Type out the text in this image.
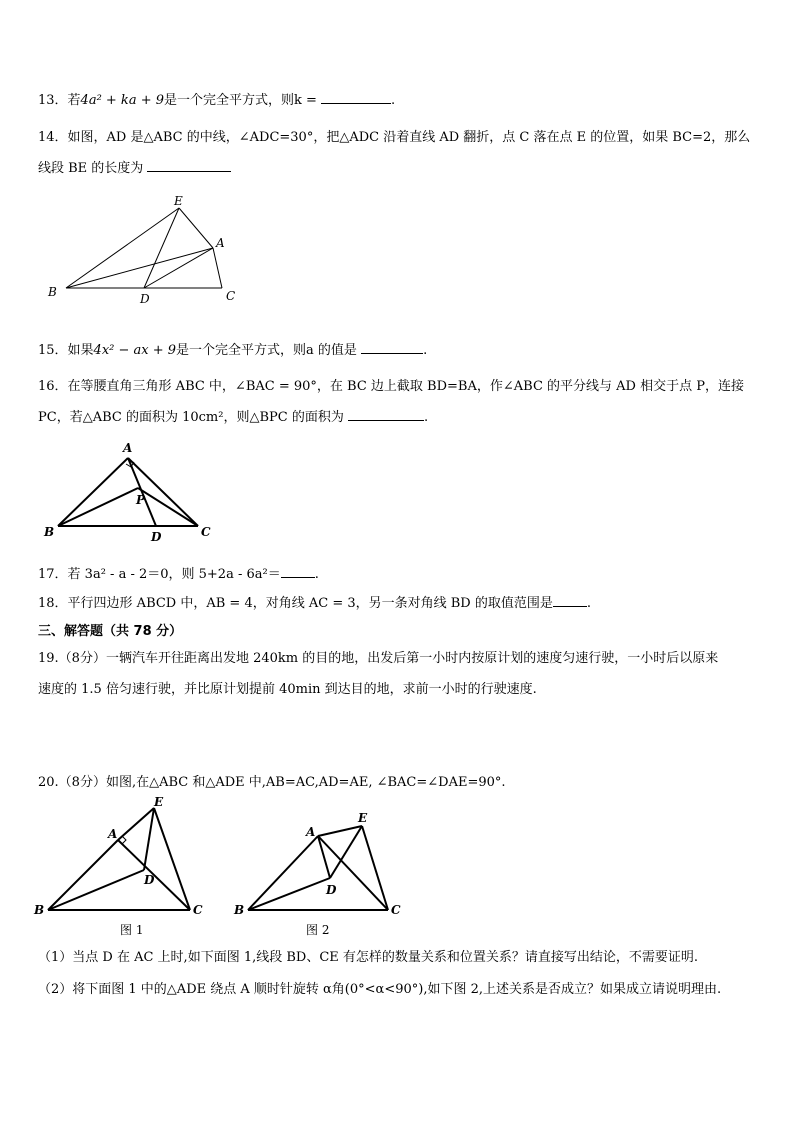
13．若4a² + ka + 9是一个完全平方式，则k =	.
14．如图，AD 是△ABC 的中线，∠ADC=30°，把△ADC 沿着直线 AD 翻折，点 C 落在点 E 的位置，如果 BC=2，那么
线段 BE 的长度为
E
A
B	D	C
15．如果4x² − ax + 9是一个完全平方式，则a 的值是	.
16．在等腰直角三角形 ABC 中，∠BAC = 90°，在 BC 边上截取 BD=BA，作∠ABC 的平分线与 AD 相交于点 P，连接
PC，若△ABC 的面积为 10cm²，则△BPC 的面积为	.
A
P
B	D	C
17．若 3a² - a - 2＝0，则 5+2a - 6a²＝	.
18．平行四边形 ABCD 中，AB = 4，对角线 AC = 3，另一条对角线 BD 的取值范围是	.
三、解答题（共 78 分）
19.（8分）一辆汽车开往距离出发地 240km 的目的地，出发后第一小时内按原计划的速度匀速行驶，一小时后以原来
速度的 1.5 倍匀速行驶，并比原计划提前 40min 到达目的地，求前一小时的行驶速度.
20.（8分）如图,在△ABC 和△ADE 中,AB=AC,AD=AE, ∠BAC=∠DAE=90°.
A
E
D
B	C
图 1
A
E
D
B	C
图 2
（1）当点 D 在 AC 上时,如下面图 1,线段 BD、CE 有怎样的数量关系和位置关系？请直接写出结论，不需要证明.
（2）将下面图 1 中的△ADE 绕点 A 顺时针旋转 α角(0°<α<90°),如下图 2,上述关系是否成立？如果成立请说明理由.
